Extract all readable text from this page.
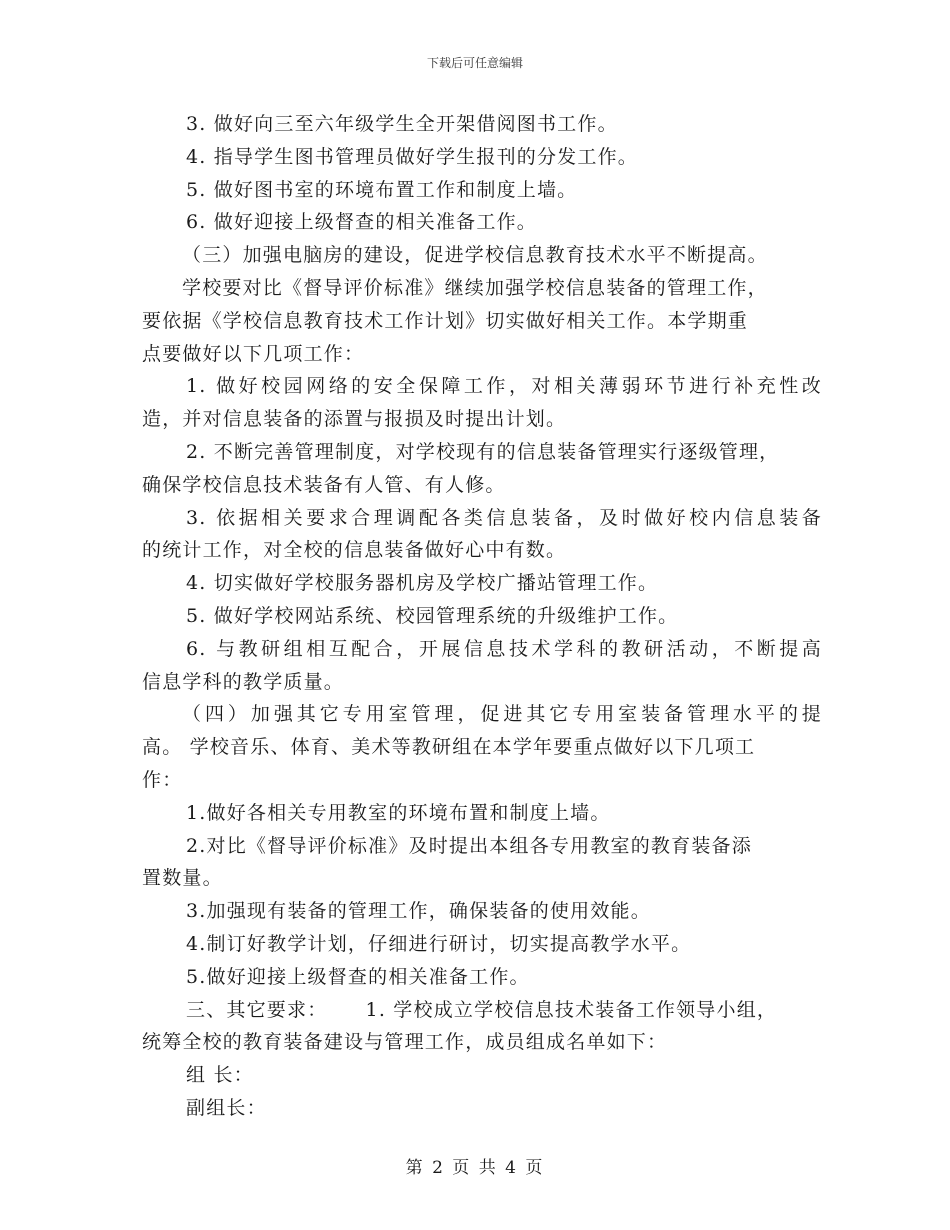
下载后可任意编辑
3. 做好向三至六年级学生全开架借阅图书工作。
4. 指导学生图书管理员做好学生报刊的分发工作。
5. 做好图书室的环境布置工作和制度上墙。
6. 做好迎接上级督查的相关准备工作。
（三）加强电脑房的建设，促进学校信息教育技术水平不断提高。
学校要对比《督导评价标准》继续加强学校信息装备的管理工作，
要依据《学校信息教育技术工作计划》切实做好相关工作。本学期重
点要做好以下几项工作：
1. 做好校园网络的安全保障工作，对相关薄弱环节进行补充性改
造，并对信息装备的添置与报损及时提出计划。
2. 不断完善管理制度，对学校现有的信息装备管理实行逐级管理，
确保学校信息技术装备有人管、有人修。
3. 依据相关要求合理调配各类信息装备，及时做好校内信息装备
的统计工作，对全校的信息装备做好心中有数。
4. 切实做好学校服务器机房及学校广播站管理工作。
5. 做好学校网站系统、校园管理系统的升级维护工作。
6. 与教研组相互配合，开展信息技术学科的教研活动，不断提高
信息学科的教学质量。
（四）加强其它专用室管理，促进其它专用室装备管理水平的提
高。 学校音乐、体育、美术等教研组在本学年要重点做好以下几项工
作：
1.做好各相关专用教室的环境布置和制度上墙。
2.对比《督导评价标准》及时提出本组各专用教室的教育装备添
置数量。
3.加强现有装备的管理工作，确保装备的使用效能。
4.制订好教学计划，仔细进行研讨，切实提高教学水平。
5.做好迎接上级督查的相关准备工作。
三、其它要求：　　 1. 学校成立学校信息技术装备工作领导小组，
统筹全校的教育装备建设与管理工作，成员组成名单如下：
组 长：
副组长：
第 2 页 共 4 页
